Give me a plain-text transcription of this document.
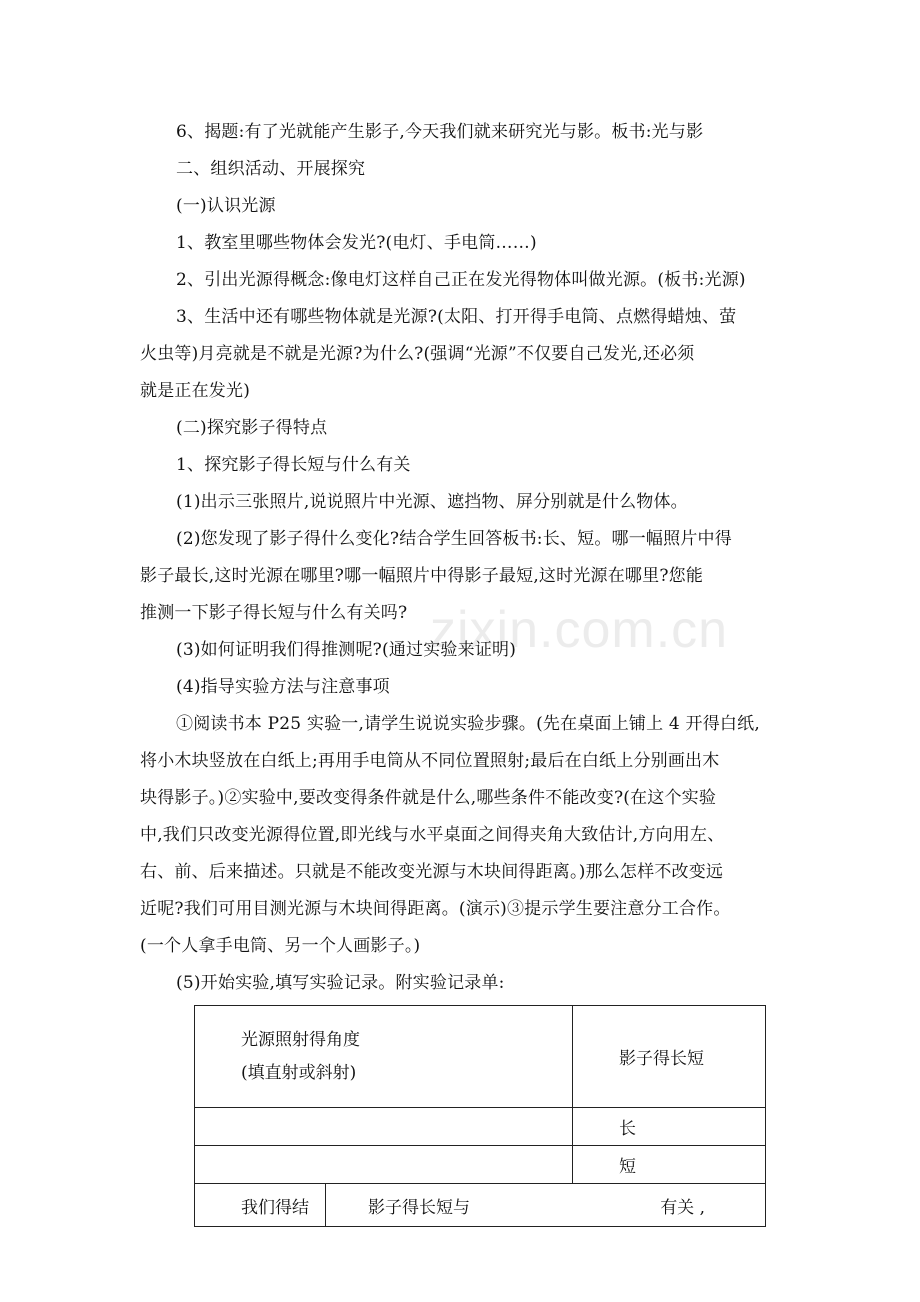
zixin.com.cn
6、揭题:有了光就能产生影子,今天我们就来研究光与影。板书:光与影
二、组织活动、开展探究
(一)认识光源
1、教室里哪些物体会发光?(电灯、手电筒……)
2、引出光源得概念:像电灯这样自己正在发光得物体叫做光源。(板书:光源)
3、生活中还有哪些物体就是光源?(太阳、打开得手电筒、点燃得蜡烛、萤
火虫等)月亮就是不就是光源?为什么?(强调“光源”不仅要自己发光,还必须
就是正在发光)
(二)探究影子得特点
1、探究影子得长短与什么有关
(1)出示三张照片,说说照片中光源、遮挡物、屏分别就是什么物体。
(2)您发现了影子得什么变化?结合学生回答板书:长、短。哪一幅照片中得
影子最长,这时光源在哪里?哪一幅照片中得影子最短,这时光源在哪里?您能
推测一下影子得长短与什么有关吗?
(3)如何证明我们得推测呢?(通过实验来证明)
(4)指导实验方法与注意事项
①阅读书本 P25 实验一,请学生说说实验步骤。(先在桌面上铺上 4 开得白纸,
将小木块竖放在白纸上;再用手电筒从不同位置照射;最后在白纸上分别画出木
块得影子。)②实验中,要改变得条件就是什么,哪些条件不能改变?(在这个实验
中,我们只改变光源得位置,即光线与水平桌面之间得夹角大致估计,方向用左、
右、前、后来描述。只就是不能改变光源与木块间得距离。)那么怎样不改变远
近呢?我们可用目测光源与木块间得距离。(演示)③提示学生要注意分工合作。
(一个人拿手电筒、另一个人画影子。)
(5)开始实验,填写实验记录。附实验记录单:
光源照射得角度
(填直射或斜射)		影子得长短
		长
		短
我们得结	影子得长短与 有关 ,	
